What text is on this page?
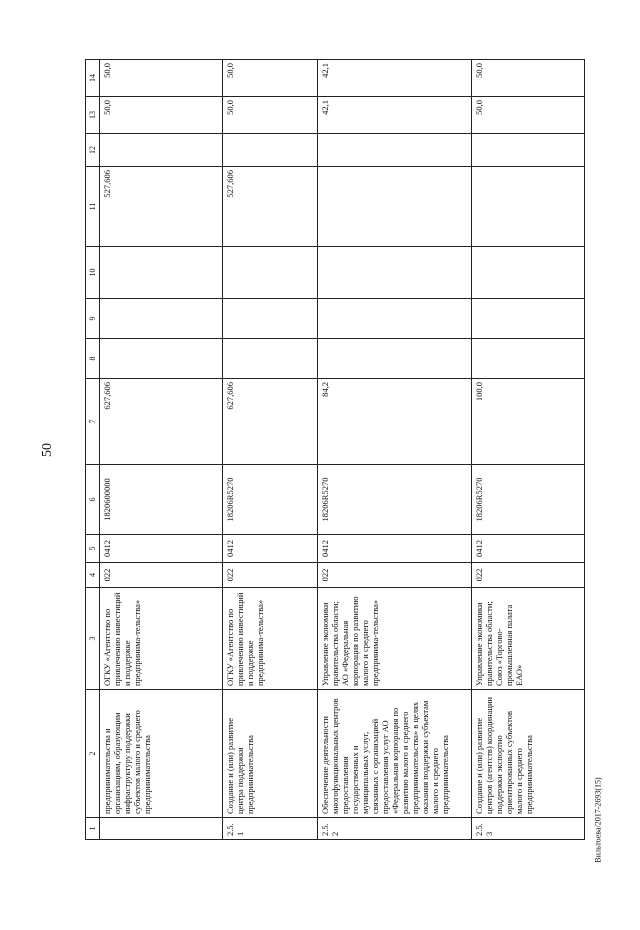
50
1	2	3	4	5	6	7	8	9	10	11	12	13	14
	предпринимательства и организациям, образующим инфраструктуру поддержки субъектов малого и среднего предпринимательства	ОГКУ «Агентство по привлечению инвестиций и поддержке предпринима-тельства»	022	0412	1820600000	627,606				527,606		50,0	50,0
2.5.1	Создание и (или) развитие центра поддержки предпринимательства	ОГКУ «Агентство по привлечению инвестиций и поддержке предпринима-тельства»	022	0412	18206R5270	627,606				527,606		50,0	50,0
2.5.2	Обеспечение деятельности многофункциональных центров предоставления государственных и муниципальных услуг, связанных с организацией предоставления услуг АО «Федеральная корпорация по развитию малого и среднего предпринимательства» в целях оказания поддержки субъектам малого и среднего предпринимательства	Управление экономики правительства области; АО «Федеральная корпорация по развитию малого и среднего предпринима-тельства»	022	0412	18206R5270	84,2						42,1	42,1
2.5.3	Создание и (или) развитие центров (агентств) координации поддержки экспортно ориентированных субъектов малого и среднего предпринимательства	Управление экономики правительства области; Союз «Торгово-промышленная палата ЕАО»	022	0412	18206R5270	100,0						50,0	50,0
Вильтоева/2017-2693(15)
